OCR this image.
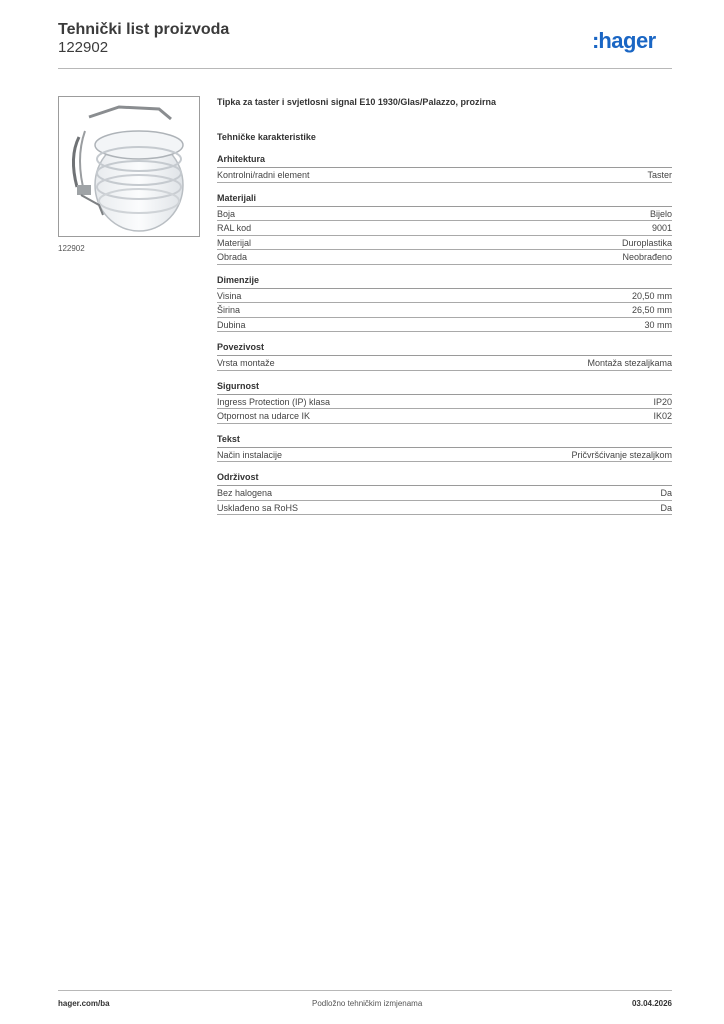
Tehnički list proizvoda
122902	:hager
122902
Tipka za taster i svjetlosni signal E10 1930/Glas/Palazzo, prozirna
Tehničke karakteristike
Arhitektura
Kontrolni/radni element	Taster
Materijali
Boja	Bijelo
RAL kod	9001
Materijal	Duroplastika
Obrada	Neobrađeno
Dimenzije
Visina	20,50 mm
Širina	26,50 mm
Dubina	30 mm
Povezivost
Vrsta montaže	Montaža stezaljkama
Sigurnost
Ingress Protection (IP) klasa	IP20
Otpornost na udarce IK	IK02
Tekst
Način instalacije	Pričvršćivanje stezaljkom
Održivost
Bez halogena	Da
Usklađeno sa RoHS	Da
hager.com/ba	Podložno tehničkim izmjenama	03.04.2026
